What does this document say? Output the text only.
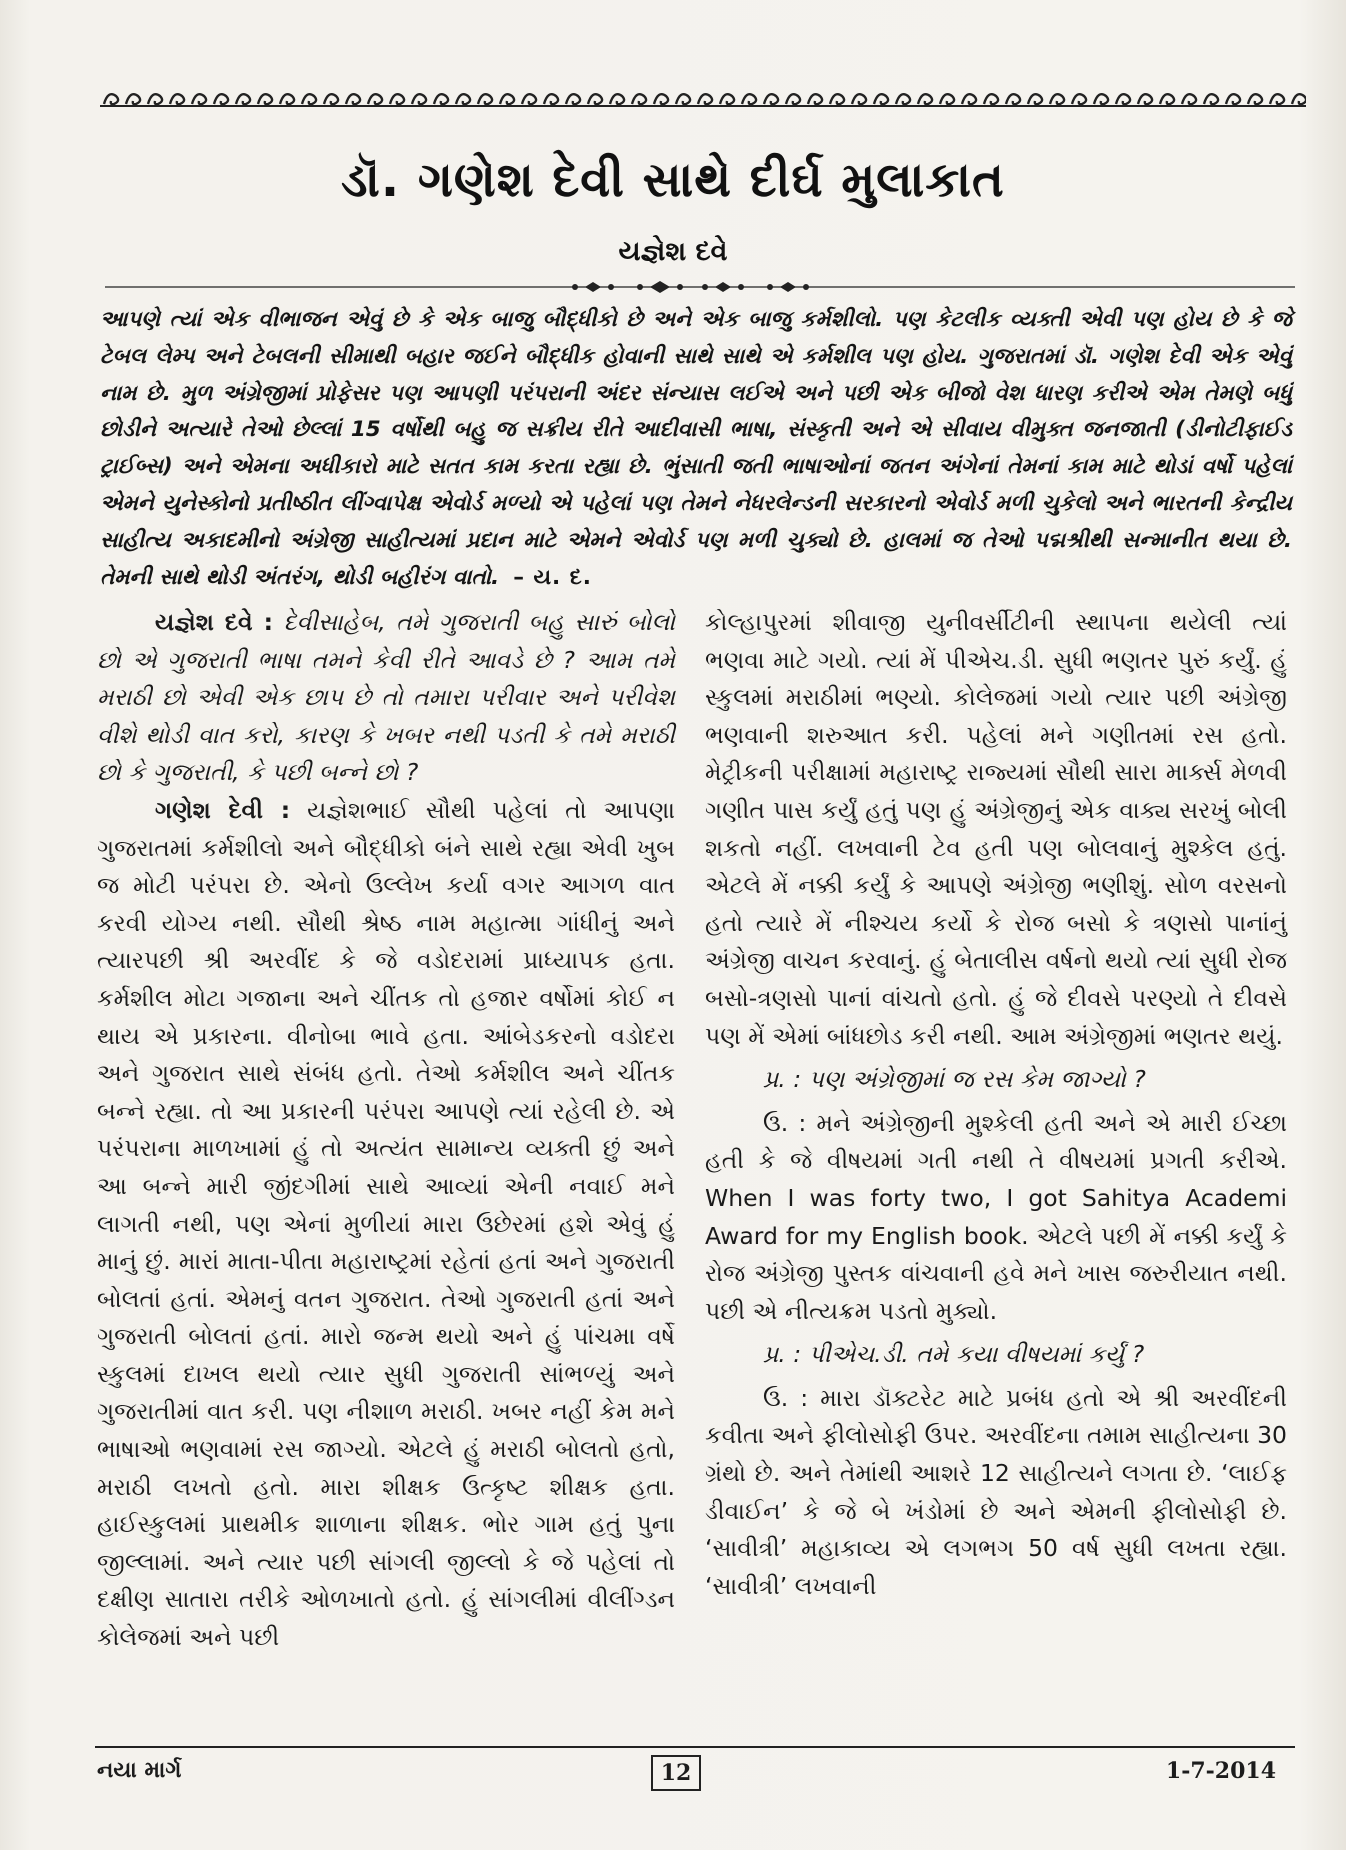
ડૉ. ગણેશ દેવી સાથે દીર્ઘ મુલાકાત
યજ્ઞેશ દવે
આપણે ત્યાં એક વીભાજન એવું છે કે એક બાજુ બૌદ્ધીકો છે અને એક બાજુ કર્મશીલો. પણ કેટલીક વ્યક્તી એવી પણ હોય છે કે જે ટેબલ લેમ્પ અને ટેબલની સીમાથી બહાર જઈને બૌદ્ધીક હોવાની સાથે સાથે એ કર્મશીલ પણ હોય. ગુજરાતમાં ડૉ. ગણેશ દેવી એક એવું નામ છે. મુળ અંગ્રેજીમાં પ્રોફેસર પણ આપણી પરંપરાની અંદર સંન્યાસ લઈએ અને પછી એક બીજો વેશ ધારણ કરીએ એમ તેમણે બધું છોડીને અત્યારે તેઓ છેલ્લાં 15 વર્ષોથી બહુ જ સક્રીય રીતે આદીવાસી ભાષા, સંસ્કૃતી અને એ સીવાય વીમુક્ત જનજાતી (ડીનોટીફાઈડ ટ્રાઈબ્સ) અને એમના અધીકારો માટે સતત કામ કરતા રહ્યા છે. ભુંસાતી જતી ભાષાઓનાં જતન અંગેનાં તેમનાં કામ માટે થોડાં વર્ષો પહેલાં એમને યુનેસ્કોનો પ્રતીષ્ઠીત લીંગ્વાપેક્ષ એવોર્ડ મળ્યો એ પહેલાં પણ તેમને નેધરલેન્ડની સરકારનો એવોર્ડ મળી ચુકેલો અને ભારતની કેન્દ્રીય સાહીત્ય અકાદમીનો અંગ્રેજી સાહીત્યમાં પ્રદાન માટે એમને એવોર્ડ પણ મળી ચુક્યો છે. હાલમાં જ તેઓ પદ્મશ્રીથી સન્માનીત થયા છે. તેમની સાથે થોડી અંતરંગ, થોડી બહીરંગ વાતો. – ય. દ.

યજ્ઞેશ દવે : દેવીસાહેબ, તમે ગુજરાતી બહુ સારું બોલો છો એ ગુજરાતી ભાષા તમને કેવી રીતે આવડે છે ? આમ તમે મરાઠી છો એવી એક છાપ છે તો તમારા પરીવાર અને પરીવેશ વીશે થોડી વાત કરો, કારણ કે ખબર નથી પડતી કે તમે મરાઠી છો કે ગુજરાતી, કે પછી બન્ને છો ?

ગણેશ દેવી : યજ્ઞેશભાઈ સૌથી પહેલાં તો આપણા ગુજરાતમાં કર્મશીલો અને બૌદ્ધીકો બંને સાથે રહ્યા એવી ખુબ જ મોટી પરંપરા છે. એનો ઉલ્લેખ કર્યા વગર આગળ વાત કરવી યોગ્ય નથી. સૌથી શ્રેષ્ઠ નામ મહાત્મા ગાંધીનું અને ત્યારપછી શ્રી અરવીંદ કે જે વડોદરામાં પ્રાધ્યાપક હતા. કર્મશીલ મોટા ગજાના અને ચીંતક તો હજાર વર્ષોમાં કોઈ ન થાય એ પ્રકારના. વીનોબા ભાવે હતા. આંબેડકરનો વડોદરા અને ગુજરાત સાથે સંબંધ હતો. તેઓ કર્મશીલ અને ચીંતક બન્ને રહ્યા. તો આ પ્રકારની પરંપરા આપણે ત્યાં રહેલી છે. એ પરંપરાના માળખામાં હું તો અત્યંત સામાન્ય વ્યક્તી છું અને આ બન્ને મારી જીંદગીમાં સાથે આવ્યાં એની નવાઈ મને લાગતી નથી, પણ એનાં મુળીયાં મારા ઉછેરમાં હશે એવું હું માનું છું. મારાં માતા-પીતા મહારાષ્ટ્રમાં રહેતાં હતાં અને ગુજરાતી બોલતાં હતાં. એમનું વતન ગુજરાત. તેઓ ગુજરાતી હતાં અને ગુજરાતી બોલતાં હતાં. મારો જન્મ થયો અને હું પાંચમા વર્ષે સ્કુલમાં દાખલ થયો ત્યાર સુધી ગુજરાતી સાંભળ્યું અને ગુજરાતીમાં વાત કરી. પણ નીશાળ મરાઠી. ખબર નહીં કેમ મને ભાષાઓ ભણવામાં રસ જાગ્યો. એટલે હું મરાઠી બોલતો હતો, મરાઠી લખતો હતો. મારા શીક્ષક ઉત્કૃષ્ટ શીક્ષક હતા. હાઈસ્કુલમાં પ્રાથમીક શાળાના શીક્ષક. ભોર ગામ હતું પુના જીલ્લામાં. અને ત્યાર પછી સાંગલી જીલ્લો કે જે પહેલાં તો દક્ષીણ સાતારા તરીકે ઓળખાતો હતો. હું સાંગલીમાં વીલીંગ્ડન કોલેજમાં અને પછી

કોલ્હાપુરમાં શીવાજી યુનીવર્સીટીની સ્થાપના થયેલી ત્યાં ભણવા માટે ગયો. ત્યાં મેં પીએચ.ડી. સુધી ભણતર પુરું કર્યું. હું સ્કુલમાં મરાઠીમાં ભણ્યો. કોલેજમાં ગયો ત્યાર પછી અંગ્રેજી ભણવાની શરુઆત કરી. પહેલાં મને ગણીતમાં રસ હતો. મેટ્રીકની પરીક્ષામાં મહારાષ્ટ્ર રાજ્યમાં સૌથી સારા માર્ક્સ મેળવી ગણીત પાસ કર્યું હતું પણ હું અંગ્રેજીનું એક વાક્ય સરખું બોલી શકતો નહીં. લખવાની ટેવ હતી પણ બોલવાનું મુશ્કેલ હતું. એટલે મેં નક્કી કર્યું કે આપણે અંગ્રેજી ભણીશું. સોળ વરસનો હતો ત્યારે મેં નીશ્ચય કર્યો કે રોજ બસો કે ત્રણસો પાનાંનું અંગ્રેજી વાચન કરવાનું. હું બેતાલીસ વર્ષનો થયો ત્યાં સુધી રોજ બસો-ત્રણસો પાનાં વાંચતો હતો. હું જે દીવસે પરણ્યો તે દીવસે પણ મેં એમાં બાંધછોડ કરી નથી. આમ અંગ્રેજીમાં ભણતર થયું.

પ્ર. : પણ અંગ્રેજીમાં જ રસ કેમ જાગ્યો ?

ઉ. : મને અંગ્રેજીની મુશ્કેલી હતી અને એ મારી ઈચ્છા હતી કે જે વીષયમાં ગતી નથી તે વીષયમાં પ્રગતી કરીએ. When I was forty two, I got Sahitya Academi Award for my English book. એટલે પછી મેં નક્કી કર્યું કે રોજ અંગ્રેજી પુસ્તક વાંચવાની હવે મને ખાસ જરુરીયાત નથી. પછી એ નીત્યક્રમ પડતો મુક્યો.

પ્ર. : પીએચ.ડી. તમે કયા વીષયમાં કર્યું ?

ઉ. : મારા ડૉક્ટરેટ માટે પ્રબંધ હતો એ શ્રી અરવીંદની કવીતા અને ફીલોસોફી ઉપર. અરવીંદના તમામ સાહીત્યના 30 ગ્રંથો છે. અને તેમાંથી આશરે 12 સાહીત્યને લગતા છે. ‘લાઈફ ડીવાઈન’ કે જે બે ખંડોમાં છે અને એમની ફીલોસોફી છે. ‘સાવીત્રી’ મહાકાવ્ય એ લગભગ 50 વર્ષ સુધી લખતા રહ્યા. ‘સાવીત્રી’ લખવાની

નયા માર્ગ	12	1-7-2014
